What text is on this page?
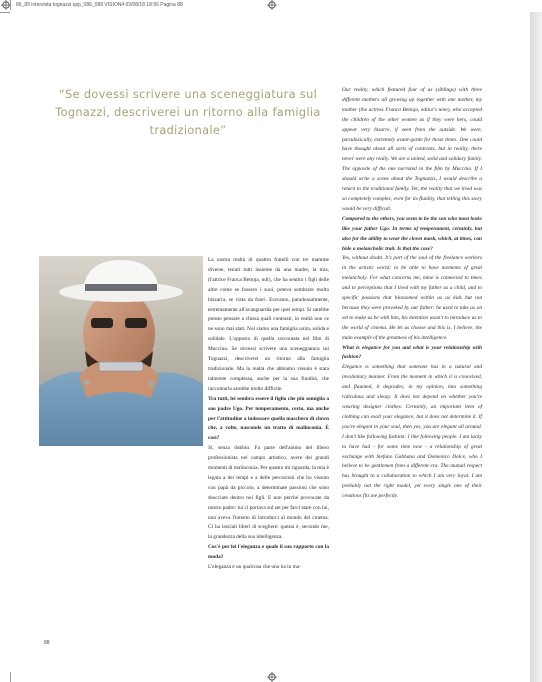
86_89 intervista tognazzi.qxp_086_089 VISION4 03/08/18 18:56 Pagina 88
“Se dovessi scrivere una sceneggiatura sul Tognazzi, descriverei un ritorno alla famiglia tradizionale”

La nostra realtà di quattro fratelli con tre mamme diverse, tenuti tutti insieme da una madre, la mia, (l'attrice Franca Bettoja, ndr), che ha sentito i figli delle altre come se fossero i suoi, poteva sembrare molto bizzarra, se vista da fuori. Eravamo, paradossalmente, estremamente all'avanguardia per quei tempi. Si sarebbe potuto pensare a chissà quali contrasti, in realtà non ce ne sono mai stati. Noi siamo una famiglia unita, solida e solidale. L'opposto di quella raccontata nel film di Muccino. Se dovessi scrivere una sceneggiatura sui Tognazzi, descriverei un ritorno alla famiglia tradizionale. Ma la realtà che abbiamo vissuto è stata talmente complessa, anche per la sua fluidità, che raccontarla sarebbe molto difficile.

Tra tutti, lei sembra essere il figlio che più somiglia a suo padre Ugo. Per temperamento, certo, ma anche per l'attitudine a indossare quella maschera di clown che, a volte, nasconde un tratto di malinconia. È così?

Sì, senza dubbio. Fa parte dell'animo del libero professionista nel campo artistico, avere dei grandi momenti di malinconia. Per quanto mi riguarda, la mia è legata a dei tempi e a delle percezioni che ho vissuto con papà da piccolo, a determinate passioni che sono sbocciate dentro noi figli. E non perché provocate da nostro padre: lui ci portava sul set per farci stare con lui, non aveva l'intento di introdurci al mondo del cinema. Ci ha lasciati liberi di scegliere: questa è, secondo me, la grandezza della sua intelligenza.

Cos'è per lei l'eleganza e quale il suo rapporto con la moda?

L'eleganza è un qualcosa che uno ha in ma-

Our reality, which featured four of us (siblings) with three different mothers all growing up together with one mother, my mother (the actress Franca Bettoja, editor's note), who accepted the children of the other women as if they were hers, could appear very bizarre, if seen from the outside. We were, paradoxically, extremely avant-garde for those times. One could have thought about all sorts of contrasts, but in reality, there never were any really. We are a united, solid and solidary family. The opposite of the one narrated in the film by Muccino. If I should write a scene about the Tognazzis, I would describe a return to the traditional family. Yet, the reality that we lived was so completely complex, even for its fluidity, that telling this story would be very difficult.

Compared to the others, you seem to be the son who most looks like your father Ugo. In terms of temperament, certainly, but also for the ability to wear the clown mask, which, at times, can hide a melancholic trait. Is that the case?

Yes, without doubt. It's part of the soul of the freelance workers in the artistic world; to be able to have moments of great melancholy. For what concerns me, mine is connected to times and to perceptions that I lived with my father as a child, and to specific passions that blossomed within us as kids but not because they were provoked by our father: he used to take us on set to make us be with him, his intention wasn't to introduce us to the world of cinema. He let us choose and this is, I believe, the main example of the greatness of his intelligence.

What is elegance for you and what is your relationship with fashion?

Elegance is something that someone has in a natural and involuntary manner. From the moment in which it is conceived, and flaunted, it degrades; in my opinion, into something ridiculous and sleazy. It does not depend on whether you're wearing designer clothes. Certainly, an important item of clothing can exalt your elegance, but it does not determine it. If you're elegant in your soul, then yes, you are elegant all around. I don't like following fashion: I like following people. I am lucky to have had - for some time now - a relationship of great exchange with Stefano Gabbana and Domenico Dolce, who I believe to be gentlemen from a different era. The mutual respect has brought to a collaboration to which I am very loyal. I am probably not the right model, yet every single one of their creations fits me perfectly.

88
